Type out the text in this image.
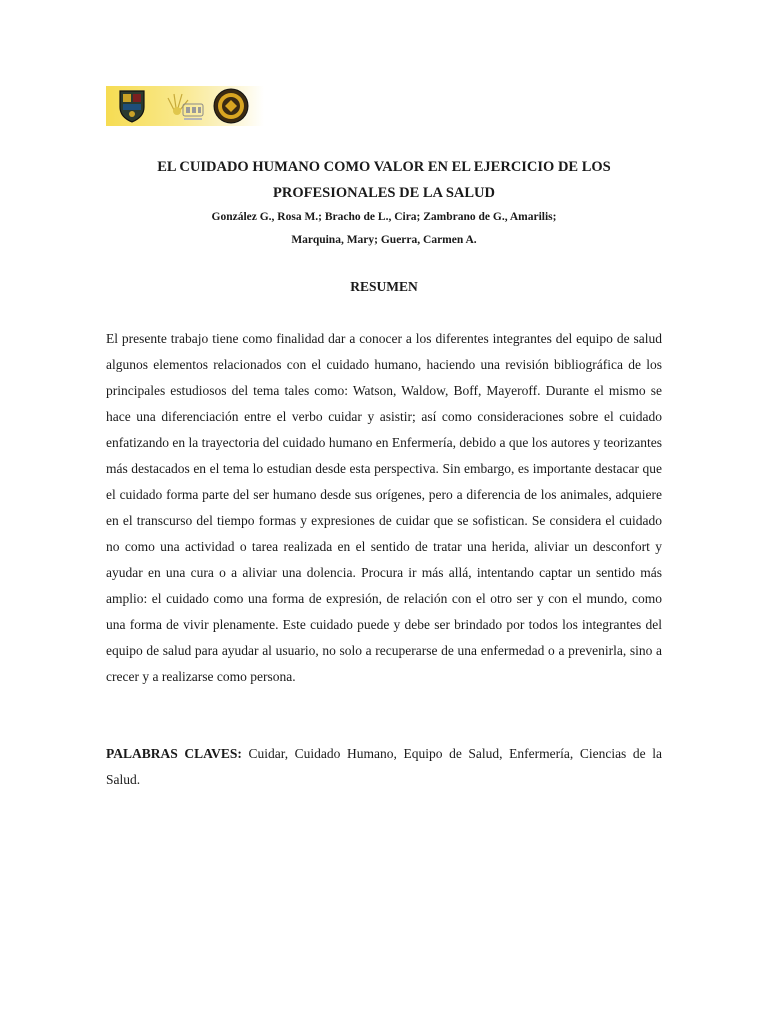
EL CUIDADO HUMANO COMO VALOR EN EL EJERCICIO DE LOS
PROFESIONALES DE LA SALUD
González G., Rosa M.; Bracho de L., Cira; Zambrano de G., Amarilis;
Marquina, Mary; Guerra, Carmen A.
RESUMEN

El presente trabajo tiene como finalidad dar a conocer a los diferentes integrantes del equipo de salud algunos elementos relacionados con el cuidado humano, haciendo una revisión bibliográfica de los principales estudiosos del tema tales como: Watson, Waldow, Boff, Mayeroff. Durante el mismo se hace una diferenciación entre el verbo cuidar y asistir; así como consideraciones sobre el cuidado enfatizando en la trayectoria del cuidado humano en Enfermería, debido a que los autores y teorizantes más destacados en el tema lo estudian desde esta perspectiva. Sin embargo, es importante destacar que el cuidado forma parte del ser humano desde sus orígenes, pero a diferencia de los animales, adquiere en el transcurso del tiempo formas y expresiones de cuidar que se sofistican. Se considera el cuidado no como una actividad o tarea realizada en el sentido de tratar una herida, aliviar un desconfort y ayudar en una cura o a aliviar una dolencia. Procura ir más allá, intentando captar un sentido más amplio: el cuidado como una forma de expresión, de relación con el otro ser y con el mundo, como una forma de vivir plenamente. Este cuidado puede y debe ser brindado por todos los integrantes del equipo de salud para ayudar al usuario, no solo a recuperarse de una enfermedad o a prevenirla, sino a crecer y a realizarse como persona.

PALABRAS CLAVES: Cuidar, Cuidado Humano, Equipo de Salud, Enfermería, Ciencias de la Salud.
